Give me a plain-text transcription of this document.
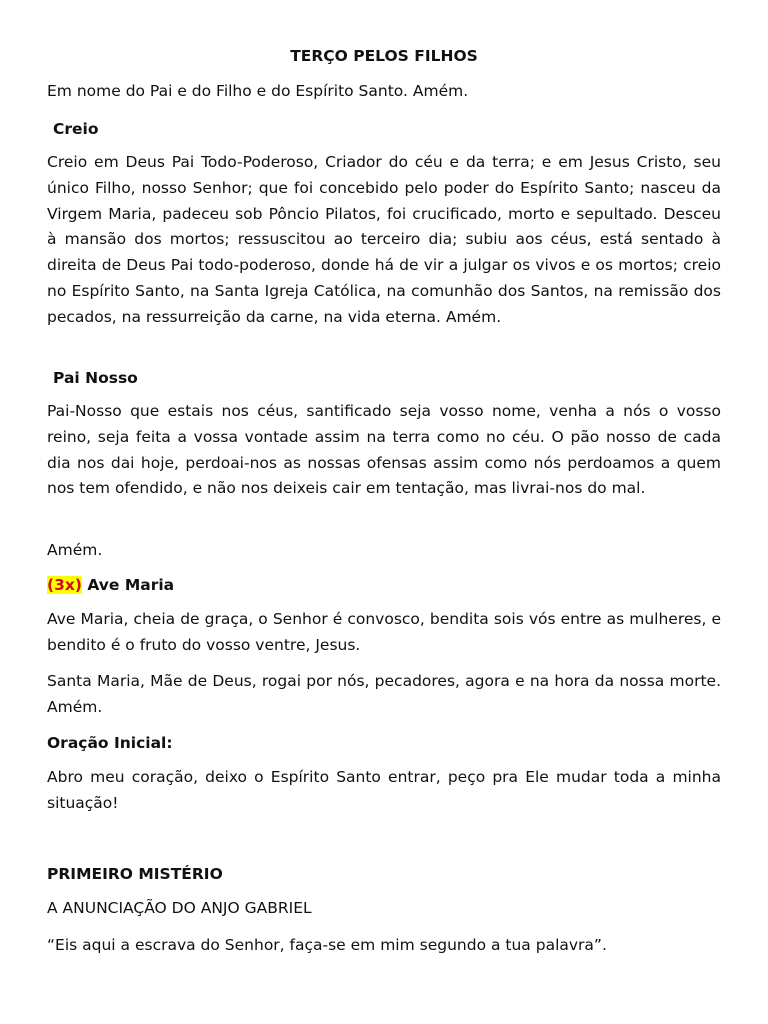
TERÇO PELOS FILHOS
Em nome do Pai e do Filho e do Espírito Santo. Amém.
Creio
Creio em Deus Pai Todo-Poderoso, Criador do céu e da terra; e em Jesus Cristo, seu único Filho, nosso Senhor; que foi concebido pelo poder do Espírito Santo; nasceu da Virgem Maria, padeceu sob Pôncio Pilatos, foi crucificado, morto e sepultado. Desceu à mansão dos mortos; ressuscitou ao terceiro dia; subiu aos céus, está sentado à direita de Deus Pai todo-poderoso, donde há de vir a julgar os vivos e os mortos; creio no Espírito Santo, na Santa Igreja Católica, na comunhão dos Santos, na remissão dos pecados, na ressurreição da carne, na vida eterna. Amém.
Pai Nosso
Pai-Nosso que estais nos céus, santificado seja vosso nome, venha a nós o vosso reino, seja feita a vossa vontade assim na terra como no céu. O pão nosso de cada dia nos dai hoje, perdoai-nos as nossas ofensas assim como nós perdoamos a quem nos tem ofendido, e não nos deixeis cair em tentação, mas livrai-nos do mal.
Amém.
(3x) Ave Maria
Ave Maria, cheia de graça, o Senhor é convosco, bendita sois vós entre as mulheres, e bendito é o fruto do vosso ventre, Jesus.
Santa Maria, Mãe de Deus, rogai por nós, pecadores, agora e na hora da nossa morte. Amém.
Oração Inicial:
Abro meu coração, deixo o Espírito Santo entrar, peço pra Ele mudar toda a minha situação!
PRIMEIRO MISTÉRIO
A ANUNCIAÇÃO DO ANJO GABRIEL
“Eis aqui a escrava do Senhor, faça-se em mim segundo a tua palavra”.
